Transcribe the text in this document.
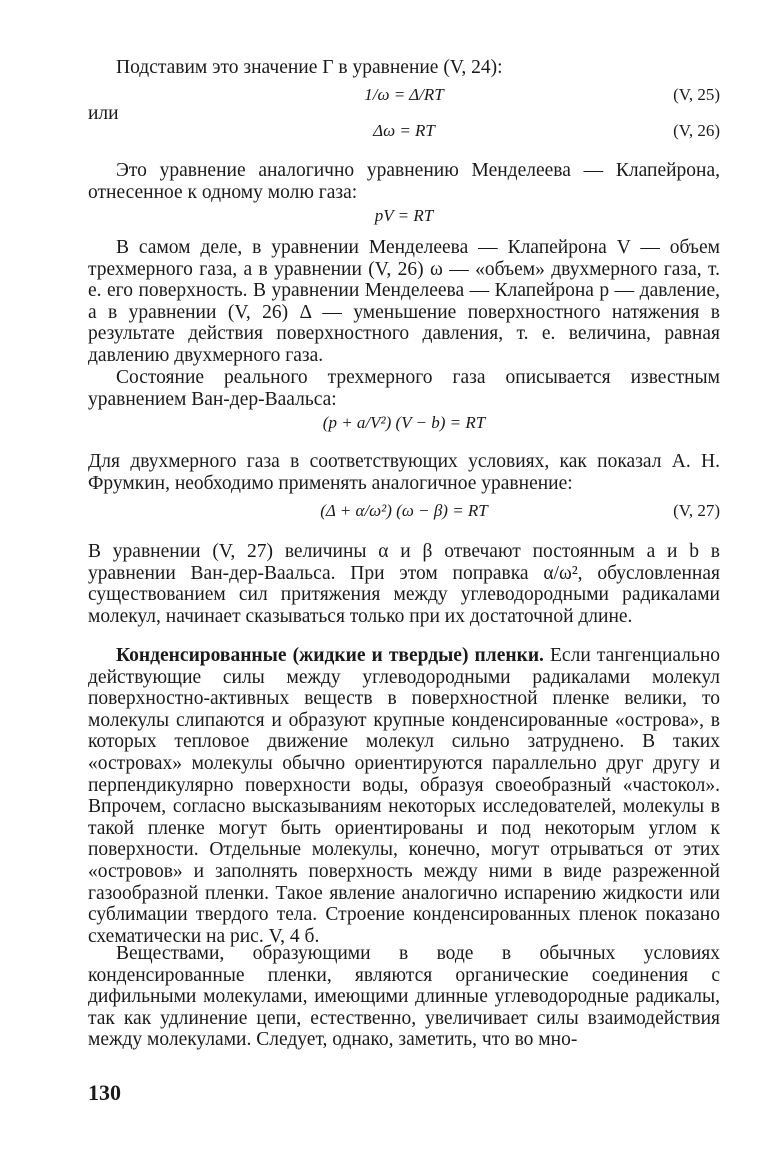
Подставим это значение Г в уравнение (V, 24):
1/ω = Δ/RT	(V, 25)
или
Δω = RT	(V, 26)
Это уравнение аналогично уравнению Менделеева — Клапейрона, отнесенное к одному молю газа:
pV = RT
В самом деле, в уравнении Менделеева — Клапейрона V — объем трехмерного газа, а в уравнении (V, 26) ω — «объем» двухмерного газа, т. е. его поверхность. В уравнении Менделеева — Клапейрона p — давление, а в уравнении (V, 26) Δ — уменьшение поверхностного натяжения в результате действия поверхностного давления, т. е. величина, равная давлению двухмерного газа.
Состояние реального трехмерного газа описывается известным уравнением Ван-дер-Ваальса:
(p + a/V²) (V − b) = RT
Для двухмерного газа в соответствующих условиях, как показал А. Н. Фрумкин, необходимо применять аналогичное уравнение:
(Δ + α/ω²) (ω − β) = RT	(V, 27)
В уравнении (V, 27) величины α и β отвечают постоянным a и b в уравнении Ван-дер-Ваальса. При этом поправка α/ω², обусловленная существованием сил притяжения между углеводородными радикалами молекул, начинает сказываться только при их достаточной длине.
Конденсированные (жидкие и твердые) пленки. Если тангенциально действующие силы между углеводородными радикалами молекул поверхностно-активных веществ в поверхностной пленке велики, то молекулы слипаются и образуют крупные конденсированные «острова», в которых тепловое движение молекул сильно затруднено. В таких «островах» молекулы обычно ориентируются параллельно друг другу и перпендикулярно поверхности воды, образуя своеобразный «частокол». Впрочем, согласно высказываниям некоторых исследователей, молекулы в такой пленке могут быть ориентированы и под некоторым углом к поверхности. Отдельные молекулы, конечно, могут отрываться от этих «островов» и заполнять поверхность между ними в виде разреженной газообразной пленки. Такое явление аналогично испарению жидкости или сублимации твердого тела. Строение конденсированных пленок показано схематически на рис. V, 4 б.
Веществами, образующими в воде в обычных условиях конденсированные пленки, являются органические соединения с дифильными молекулами, имеющими длинные углеводородные радикалы, так как удлинение цепи, естественно, увеличивает силы взаимодействия между молекулами. Следует, однако, заметить, что во мно-
130
